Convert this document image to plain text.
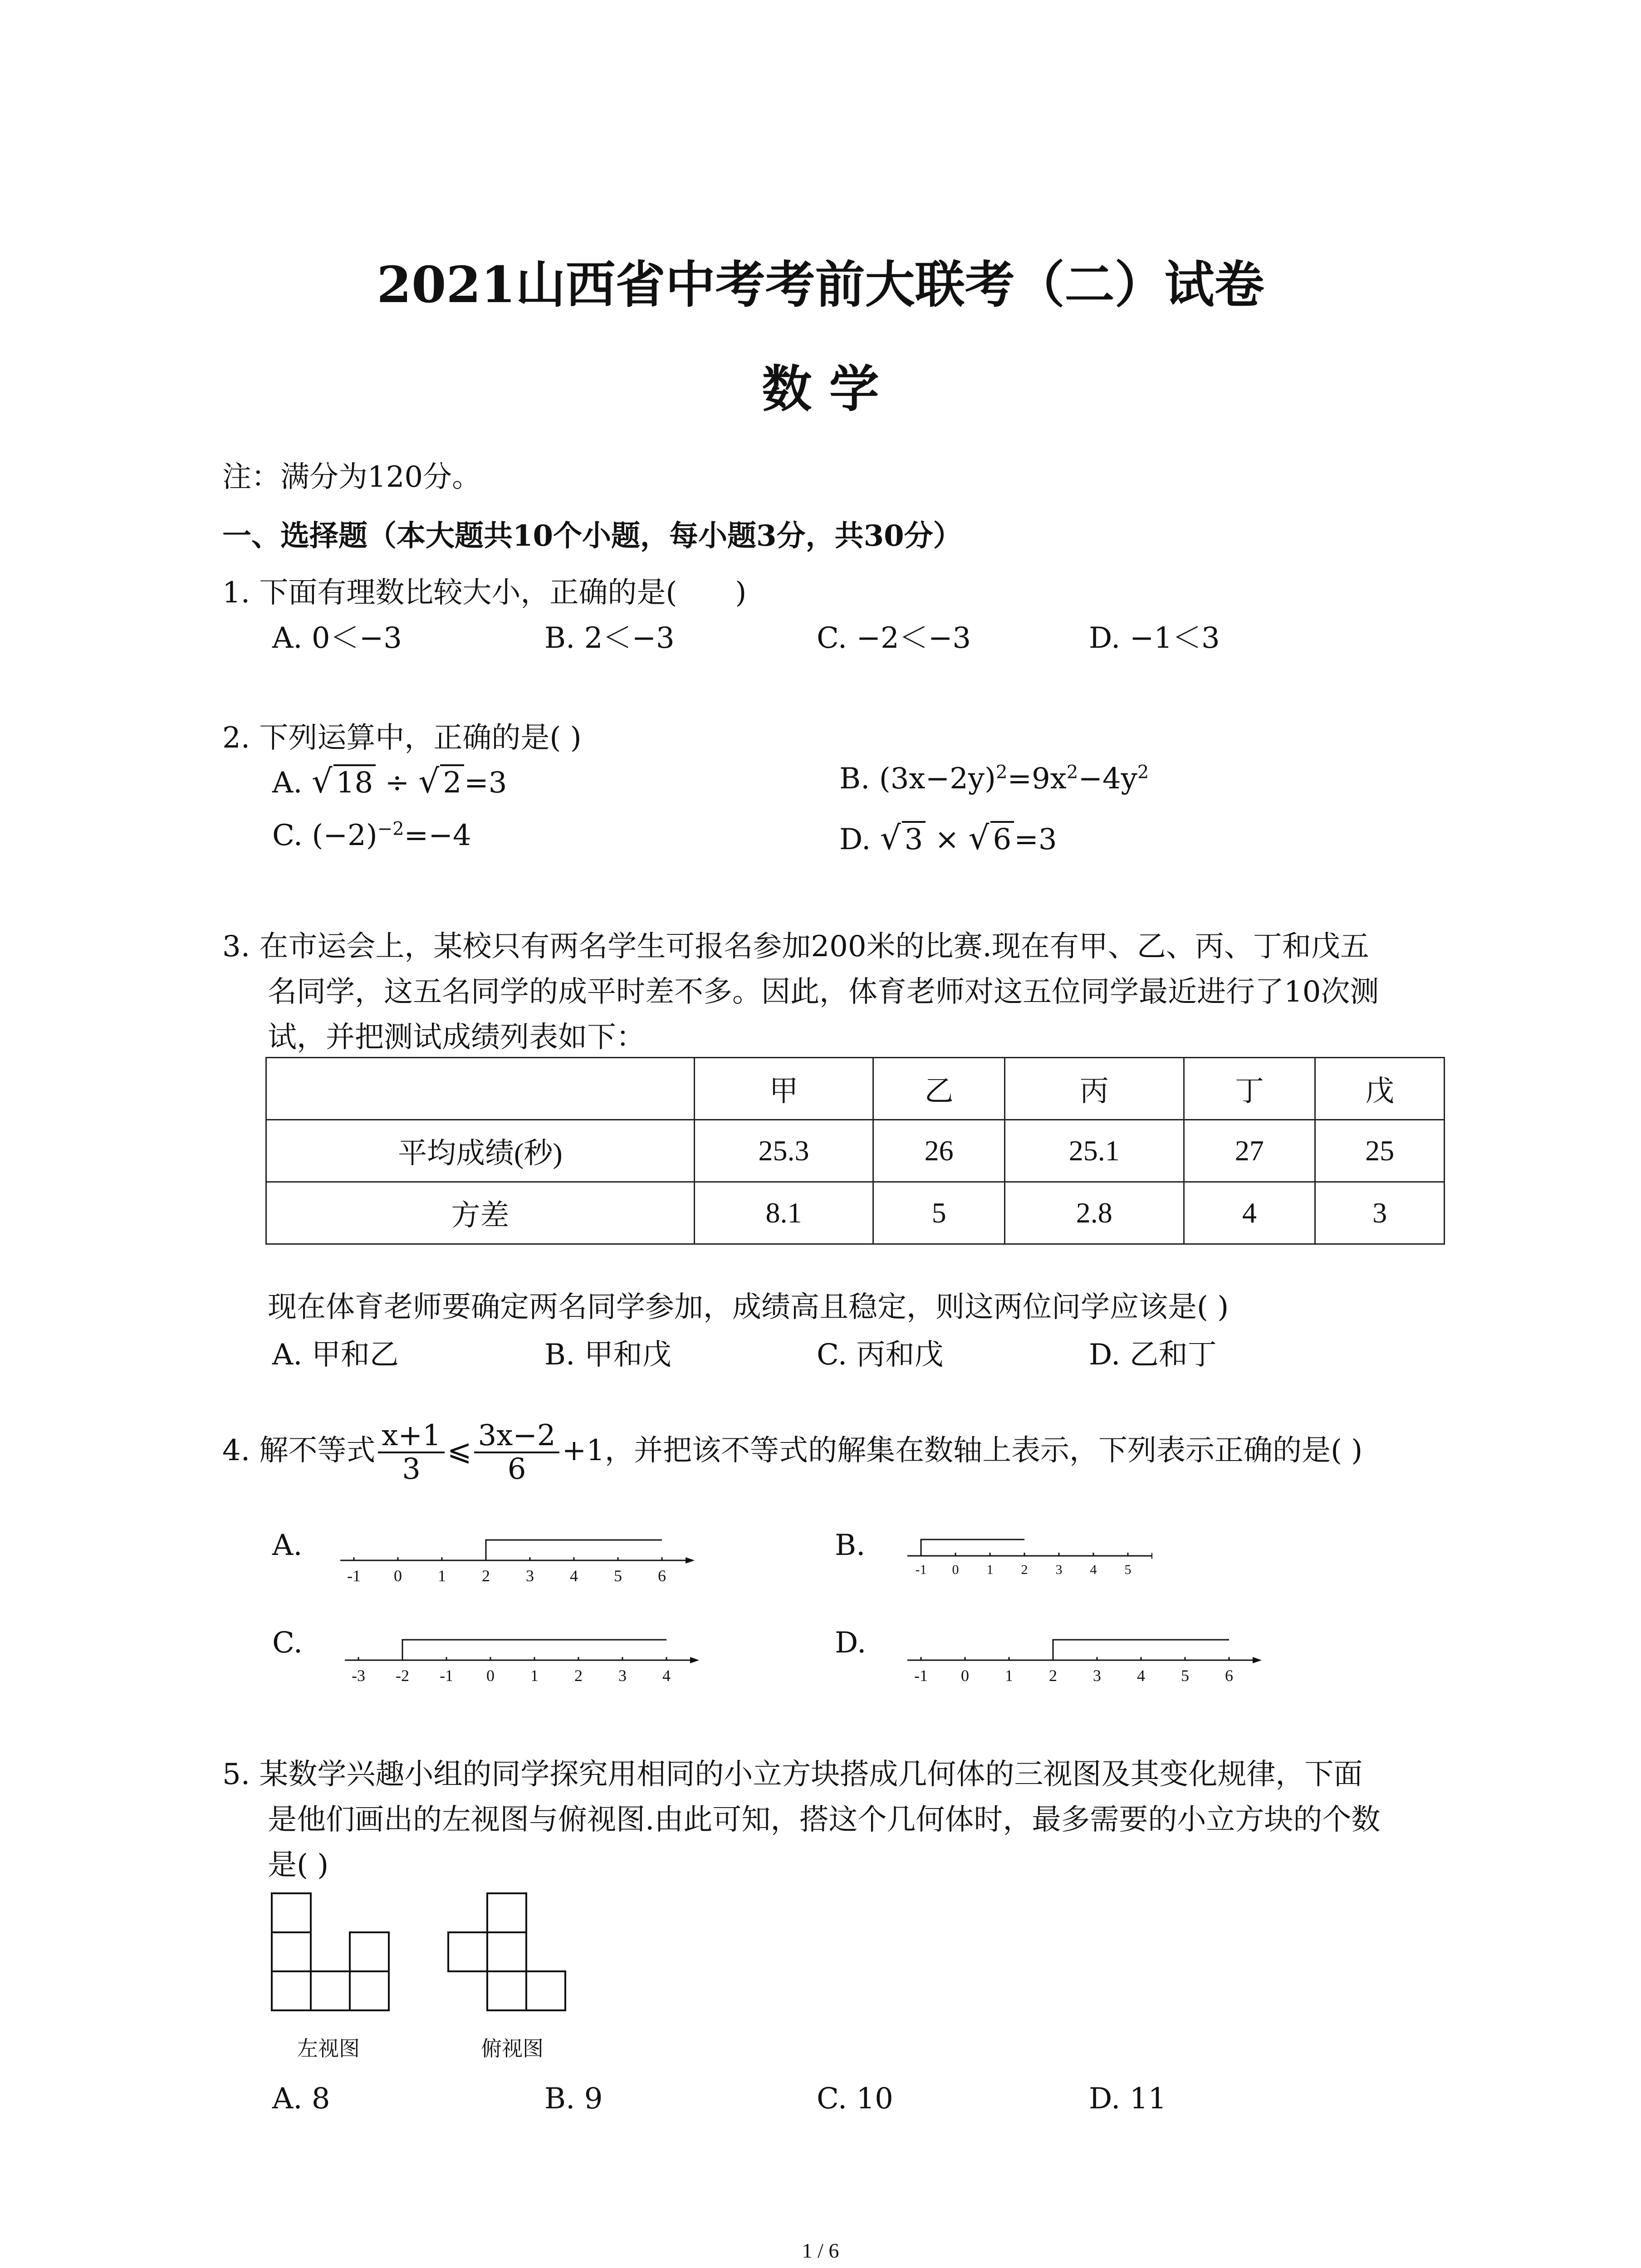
2021山西省中考考前大联考（二）试卷
数 学
注：满分为120分。
一、选择题（本大题共10个小题，每小题3分，共30分）
1. 下面有理数比较大小，正确的是(　　)
A. 0＜−3	B. 2＜−3	C. −2＜−3	D. −1＜3
2. 下列运算中，正确的是( )
A. √ 18 ÷ √ 2=3	B. $(3x-2y)^2=9x^2-4y^2$
C. $(-2)^{-2}=-4$	D. √ 3 × √ 6=3
3. 在市运会上，某校只有两名学生可报名参加200米的比赛.现在有甲、乙、丙、丁和戊五
名同学，这五名同学的成平时差不多。因此，体育老师对这五位同学最近进行了10次测
试，并把测试成绩列表如下：
	甲	乙	丙	丁	戊
平均成绩(秒)	25.3	26	25.1	27	25
方差	8.1	5	2.8	4	3
现在体育老师要确定两名同学参加，成绩高且稳定，则这两位问学应该是( )
A. 甲和乙	B. 甲和戊	C. 丙和戊	D. 乙和丁
4. 解不等式 $\frac{x+1}{3}$ ⩽ $\frac{3x-2}{6} +1$，并把该不等式的解集在数轴上表示，下列表示正确的是( )
A.	B.
C.	D.
-1 0 1 2 3 4 5 6	-1 0 1 2 3 4 5
-3 -2 -1 0 1 2 3 4	-1 0 1 2 3 4 5 6
5. 某数学兴趣小组的同学探究用相同的小立方块搭成几何体的三视图及其变化规律，下面
是他们画出的左视图与俯视图.由此可知，搭这个几何体时，最多需要的小立方块的个数
是( )
左视图	俯视图
A. 8	B. 9	C. 10	D. 11
1 / 6
